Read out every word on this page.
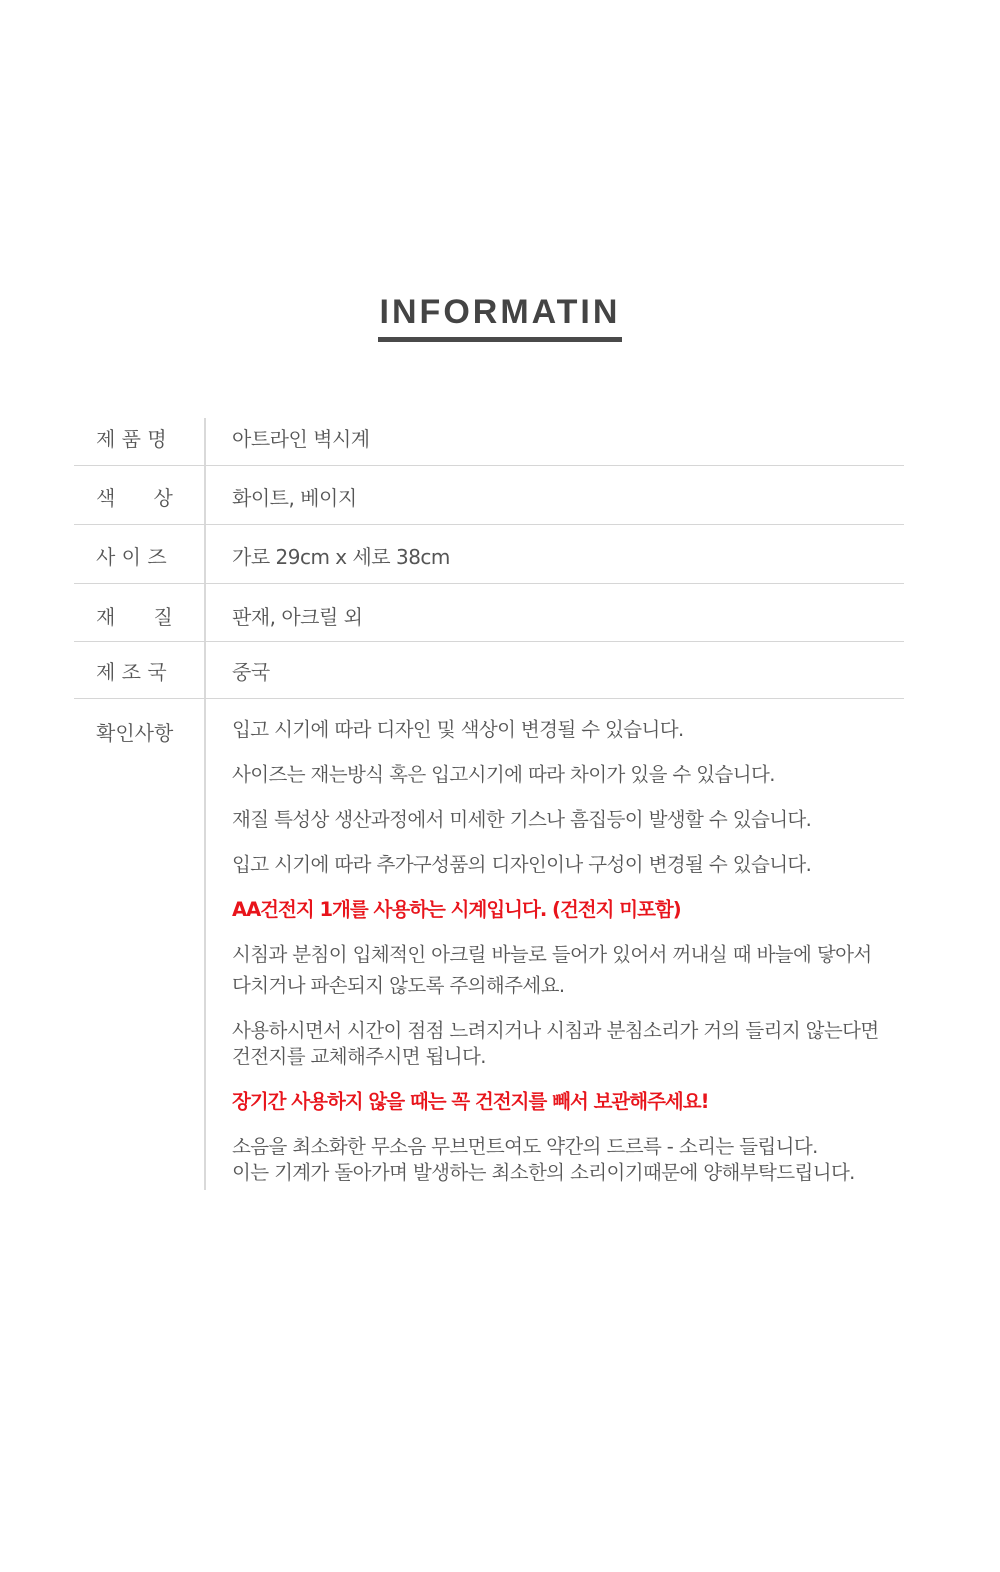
INFORMATIN
제 품 명	아트라인 벽시계
색      상	화이트, 베이지
사 이 즈	가로 29cm x 세로 38cm
재      질	판재, 아크릴 외
제 조 국	중국
확인사항	입고 시기에 따라 디자인 및 색상이 변경될 수 있습니다.
사이즈는 재는방식 혹은 입고시기에 따라 차이가 있을 수 있습니다.
재질 특성상 생산과정에서 미세한 기스나 흠집등이 발생할 수 있습니다.
입고 시기에 따라 추가구성품의 디자인이나 구성이 변경될 수 있습니다.
AA건전지 1개를 사용하는 시계입니다. (건전지 미포함)
시침과 분침이 입체적인 아크릴 바늘로 들어가 있어서 꺼내실 때 바늘에 닿아서
다치거나 파손되지 않도록 주의해주세요.
사용하시면서 시간이 점점 느려지거나 시침과 분침소리가 거의 들리지 않는다면
건전지를 교체해주시면 됩니다.
장기간 사용하지 않을 때는 꼭 건전지를 빼서 보관해주세요!
소음을 최소화한 무소음 무브먼트여도 약간의 드르륵 - 소리는 들립니다.
이는 기계가 돌아가며 발생하는 최소한의 소리이기때문에 양해부탁드립니다.
